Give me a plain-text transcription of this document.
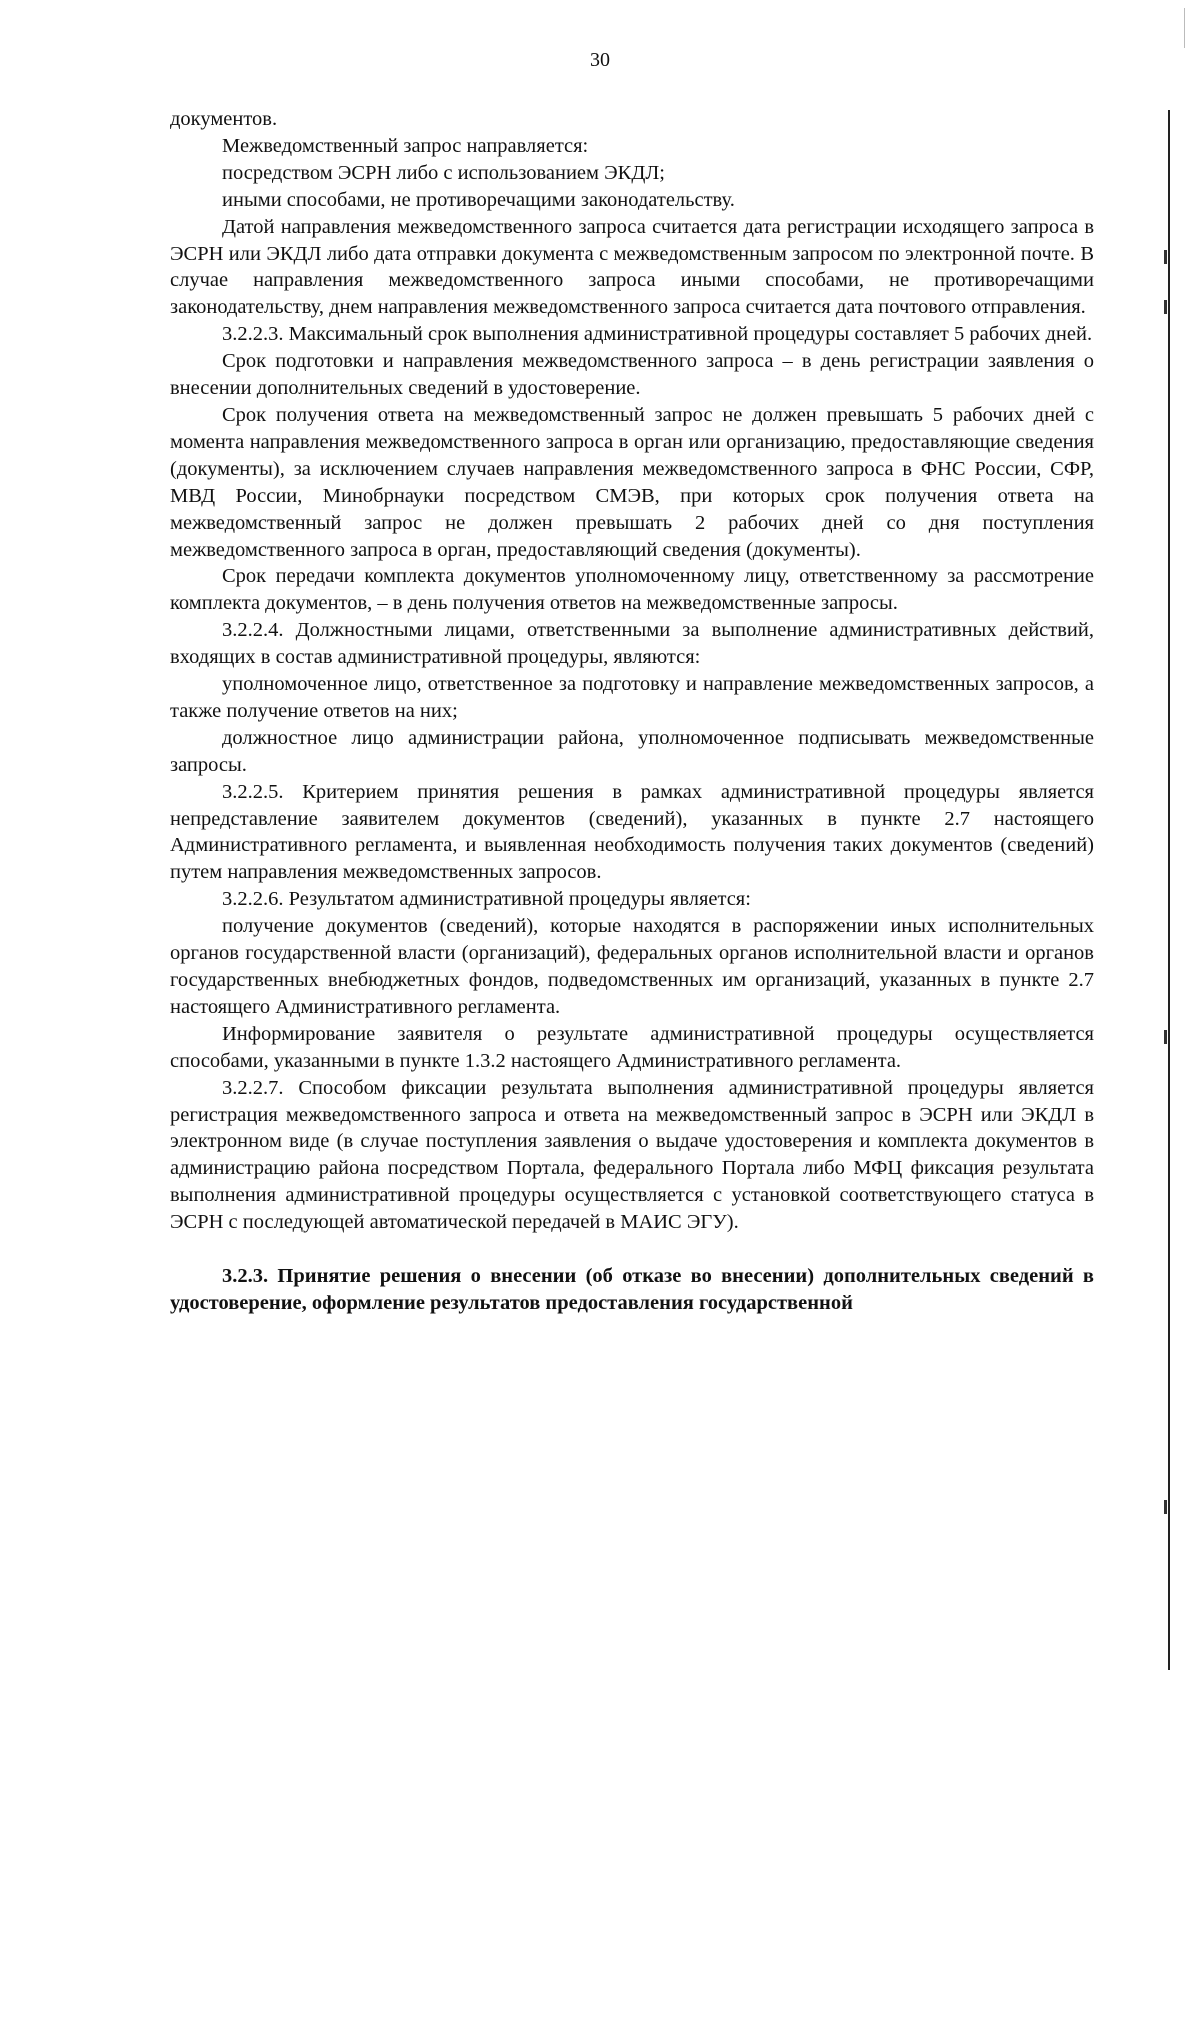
30

документов.

Межведомственный запрос направляется:

посредством ЭСРН либо с использованием ЭКДЛ;

иными способами, не противоречащими законодательству.

Датой направления межведомственного запроса считается дата регистрации исходящего запроса в ЭСРН или ЭКДЛ либо дата отправки документа с межведомственным запросом по электронной почте. В случае направления межведомственного запроса иными способами, не противоречащими законодательству, днем направления межведомственного запроса считается дата почтового отправления.

3.2.2.3. Максимальный срок выполнения административной процедуры составляет 5 рабочих дней.

Срок подготовки и направления межведомственного запроса – в день регистрации заявления о внесении дополнительных сведений в удостоверение.

Срок получения ответа на межведомственный запрос не должен превышать 5 рабочих дней с момента направления межведомственного запроса в орган или организацию, предоставляющие сведения (документы), за исключением случаев направления межведомственного запроса в ФНС России, СФР, МВД России, Минобрнауки посредством СМЭВ, при которых срок получения ответа на межведомственный запрос не должен превышать 2 рабочих дней со дня поступления межведомственного запроса в орган, предоставляющий сведения (документы).

Срок передачи комплекта документов уполномоченному лицу, ответственному за рассмотрение комплекта документов, – в день получения ответов на межведомственные запросы.

3.2.2.4. Должностными лицами, ответственными за выполнение административных действий, входящих в состав административной процедуры, являются:

уполномоченное лицо, ответственное за подготовку и направление межведомственных запросов, а также получение ответов на них;

должностное лицо администрации района, уполномоченное подписывать межведомственные запросы.

3.2.2.5. Критерием принятия решения в рамках административной процедуры является непредставление заявителем документов (сведений), указанных в пункте 2.7 настоящего Административного регламента, и выявленная необходимость получения таких документов (сведений) путем направления межведомственных запросов.

3.2.2.6. Результатом административной процедуры является:

получение документов (сведений), которые находятся в распоряжении иных исполнительных органов государственной власти (организаций), федеральных органов исполнительной власти и органов государственных внебюджетных фондов, подведомственных им организаций, указанных в пункте 2.7 настоящего Административного регламента.

Информирование заявителя о результате административной процедуры осуществляется способами, указанными в пункте 1.3.2 настоящего Административного регламента.

3.2.2.7. Способом фиксации результата выполнения административной процедуры является регистрация межведомственного запроса и ответа на межведомственный запрос в ЭСРН или ЭКДЛ в электронном виде (в случае поступления заявления о выдаче удостоверения и комплекта документов в администрацию района посредством Портала, федерального Портала либо МФЦ фиксация результата выполнения административной процедуры осуществляется с установкой соответствующего статуса в ЭСРН с последующей автоматической передачей в МАИС ЭГУ).

3.2.3. Принятие решения о внесении (об отказе во внесении) дополнительных сведений в удостоверение, оформление результатов предоставления государственной
